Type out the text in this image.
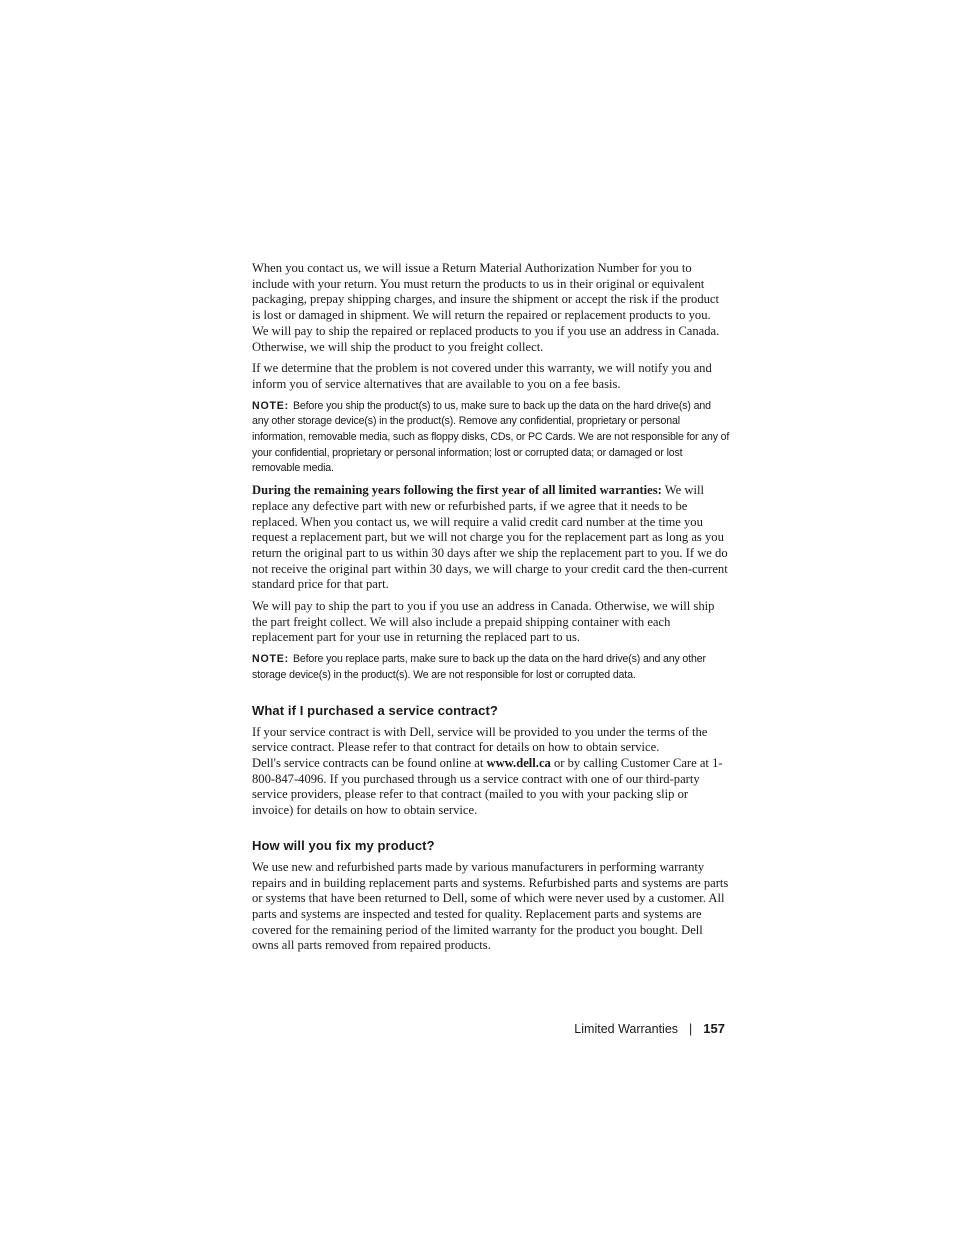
When you contact us, we will issue a Return Material Authorization Number for you to include with your return. You must return the products to us in their original or equivalent packaging, prepay shipping charges, and insure the shipment or accept the risk if the product is lost or damaged in shipment. We will return the repaired or replacement products to you. We will pay to ship the repaired or replaced products to you if you use an address in Canada. Otherwise, we will ship the product to you freight collect.

If we determine that the problem is not covered under this warranty, we will notify you and inform you of service alternatives that are available to you on a fee basis.

NOTE: Before you ship the product(s) to us, make sure to back up the data on the hard drive(s) and any other storage device(s) in the product(s). Remove any confidential, proprietary or personal information, removable media, such as floppy disks, CDs, or PC Cards. We are not responsible for any of your confidential, proprietary or personal information; lost or corrupted data; or damaged or lost removable media.

During the remaining years following the first year of all limited warranties: We will replace any defective part with new or refurbished parts, if we agree that it needs to be replaced. When you contact us, we will require a valid credit card number at the time you request a replacement part, but we will not charge you for the replacement part as long as you return the original part to us within 30 days after we ship the replacement part to you. If we do not receive the original part within 30 days, we will charge to your credit card the then-current standard price for that part.

We will pay to ship the part to you if you use an address in Canada. Otherwise, we will ship the part freight collect. We will also include a prepaid shipping container with each replacement part for your use in returning the replaced part to us.

NOTE: Before you replace parts, make sure to back up the data on the hard drive(s) and any other storage device(s) in the product(s). We are not responsible for lost or corrupted data.

What if I purchased a service contract?

If your service contract is with Dell, service will be provided to you under the terms of the service contract. Please refer to that contract for details on how to obtain service.
Dell's service contracts can be found online at www.dell.ca or by calling Customer Care at 1-800-847-4096. If you purchased through us a service contract with one of our third-party service providers, please refer to that contract (mailed to you with your packing slip or invoice) for details on how to obtain service.

How will you fix my product?

We use new and refurbished parts made by various manufacturers in performing warranty repairs and in building replacement parts and systems. Refurbished parts and systems are parts or systems that have been returned to Dell, some of which were never used by a customer. All parts and systems are inspected and tested for quality. Replacement parts and systems are covered for the remaining period of the limited warranty for the product you bought. Dell owns all parts removed from repaired products.

Limited Warranties | 157
